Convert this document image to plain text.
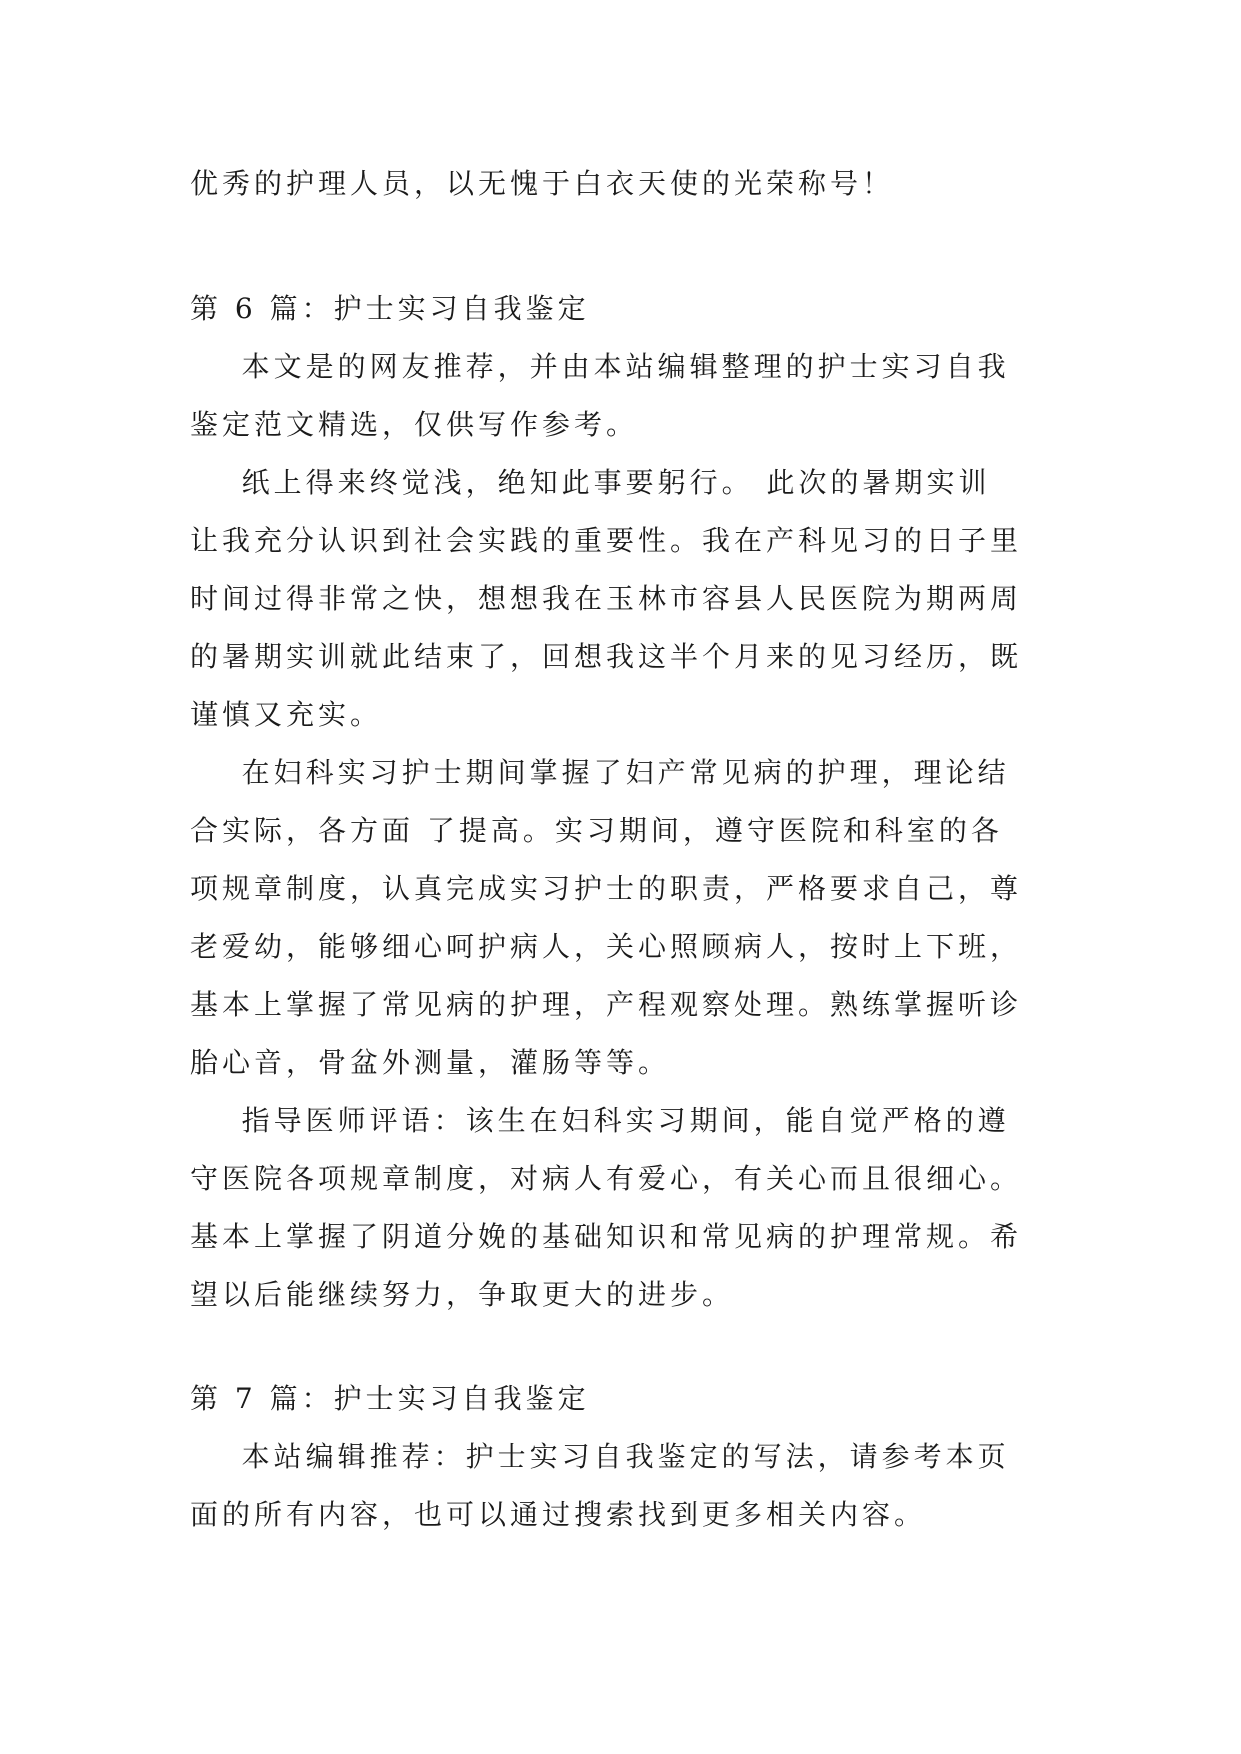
优秀的护理人员，以无愧于白衣天使的光荣称号！
第 6 篇：护士实习自我鉴定
本文是的网友推荐，并由本站编辑整理的护士实习自我
鉴定范文精选，仅供写作参考。
纸上得来终觉浅，绝知此事要躬行。 此次的暑期实训
让我充分认识到社会实践的重要性。我在产科见习的日子里
时间过得非常之快，想想我在玉林市容县人民医院为期两周
的暑期实训就此结束了，回想我这半个月来的见习经历，既
谨慎又充实。
在妇科实习护士期间掌握了妇产常见病的护理，理论结
合实际，各方面 了提高。实习期间，遵守医院和科室的各
项规章制度，认真完成实习护士的职责，严格要求自己，尊
老爱幼，能够细心呵护病人，关心照顾病人，按时上下班，
基本上掌握了常见病的护理，产程观察处理。熟练掌握听诊
胎心音，骨盆外测量，灌肠等等。
指导医师评语：该生在妇科实习期间，能自觉严格的遵
守医院各项规章制度，对病人有爱心，有关心而且很细心。
基本上掌握了阴道分娩的基础知识和常见病的护理常规。希
望以后能继续努力，争取更大的进步。
第 7 篇：护士实习自我鉴定
本站编辑推荐：护士实习自我鉴定的写法，请参考本页
面的所有内容，也可以通过搜索找到更多相关内容。
